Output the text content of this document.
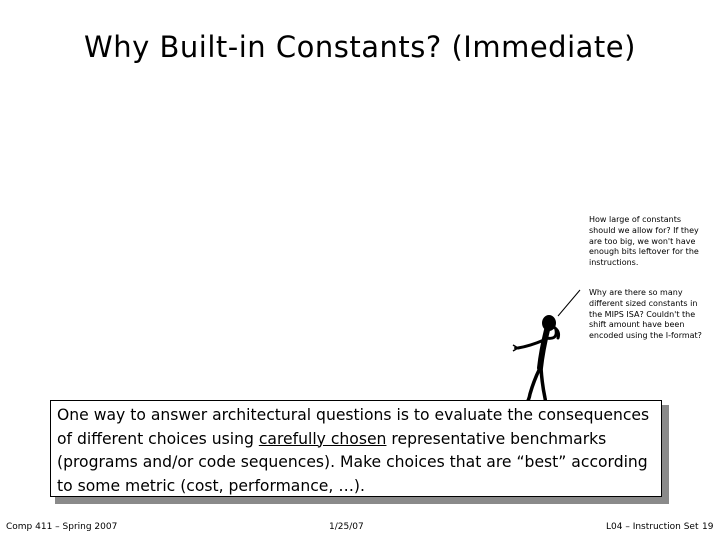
Why Built-in Constants? (Immediate)
How large of constants should we allow for? If they are too big, we won't have enough bits leftover for the instructions.
Why are there so many different sized constants in the MIPS ISA? Couldn't the shift amount have been encoded using the I-format?
One way to answer architectural questions is to evaluate the consequences of different choices using carefully chosen representative benchmarks (programs and/or code sequences). Make choices that are “best” according to some metric (cost, performance, …).
Comp 411 – Spring 2007	1/25/07	L04 – Instruction Set 19
